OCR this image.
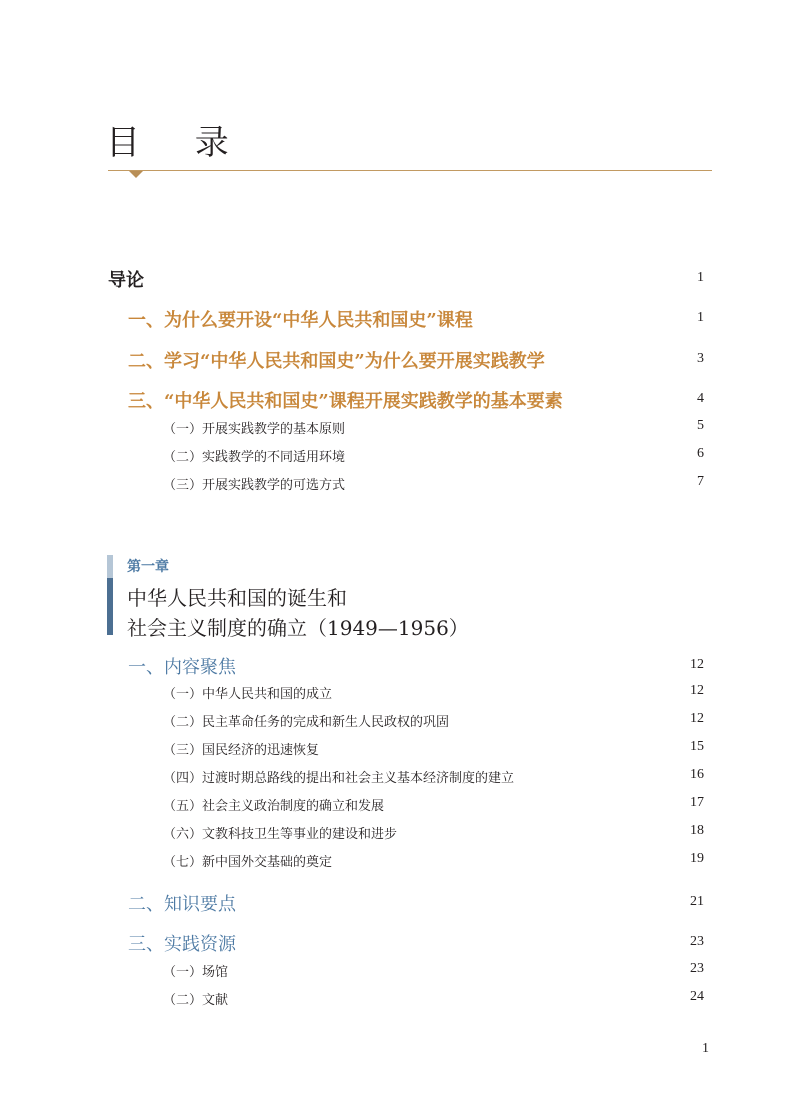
目 录
导论	1
一、为什么要开设“中华人民共和国史”课程	1
二、学习“中华人民共和国史”为什么要开展实践教学	3
三、“中华人民共和国史”课程开展实践教学的基本要素	4
（一）开展实践教学的基本原则	5
（二）实践教学的不同适用环境	6
（三）开展实践教学的可选方式	7
第一章
中华人民共和国的诞生和
社会主义制度的确立（1949—1956）
一、内容聚焦	12
（一）中华人民共和国的成立	12
（二）民主革命任务的完成和新生人民政权的巩固	12
（三）国民经济的迅速恢复	15
（四）过渡时期总路线的提出和社会主义基本经济制度的建立	16
（五）社会主义政治制度的确立和发展	17
（六）文教科技卫生等事业的建设和进步	18
（七）新中国外交基础的奠定	19
二、知识要点	21
三、实践资源	23
（一）场馆	23
（二）文献	24
1
